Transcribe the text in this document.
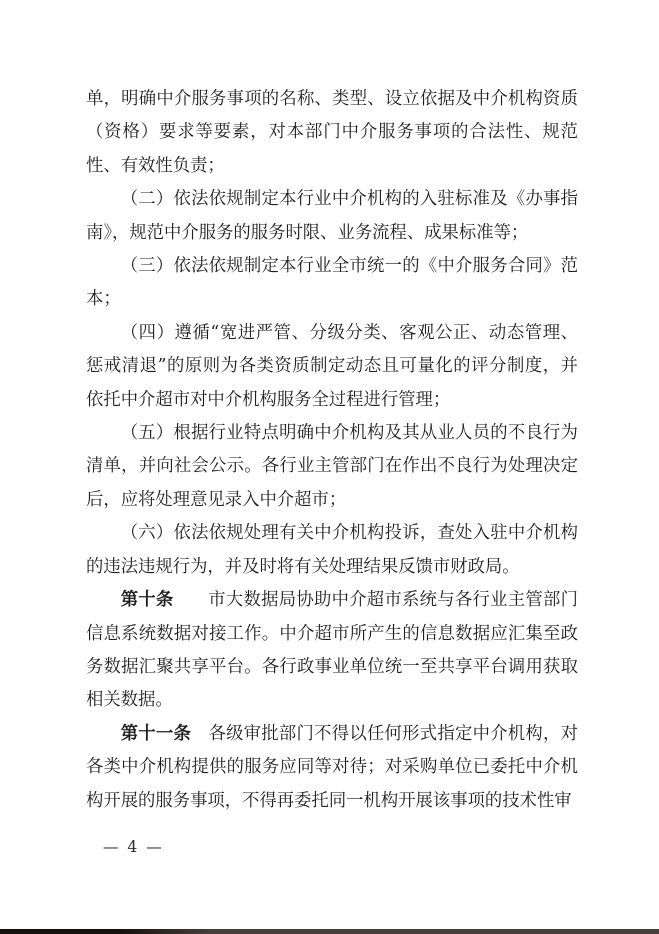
单，明确中介服务事项的名称、类型、设立依据及中介机构资质（资格）要求等要素，对本部门中介服务事项的合法性、规范性、有效性负责；

（二）依法依规制定本行业中介机构的入驻标准及《办事指南》，规范中介服务的服务时限、业务流程、成果标准等；

（三）依法依规制定本行业全市统一的《中介服务合同》范本；

（四）遵循“宽进严管、分级分类、客观公正、动态管理、惩戒清退”的原则为各类资质制定动态且可量化的评分制度，并依托中介超市对中介机构服务全过程进行管理；

（五）根据行业特点明确中介机构及其从业人员的不良行为清单，并向社会公示。各行业主管部门在作出不良行为处理决定后，应将处理意见录入中介超市；

（六）依法依规处理有关中介机构投诉，查处入驻中介机构的违法违规行为，并及时将有关处理结果反馈市财政局。

第十条 市大数据局协助中介超市系统与各行业主管部门信息系统数据对接工作。中介超市所产生的信息数据应汇集至政务数据汇聚共享平台。各行政事业单位统一至共享平台调用获取相关数据。

第十一条 各级审批部门不得以任何形式指定中介机构，对各类中介机构提供的服务应同等对待；对采购单位已委托中介机构开展的服务事项，不得再委托同一机构开展该事项的技术性审

— 4 —
